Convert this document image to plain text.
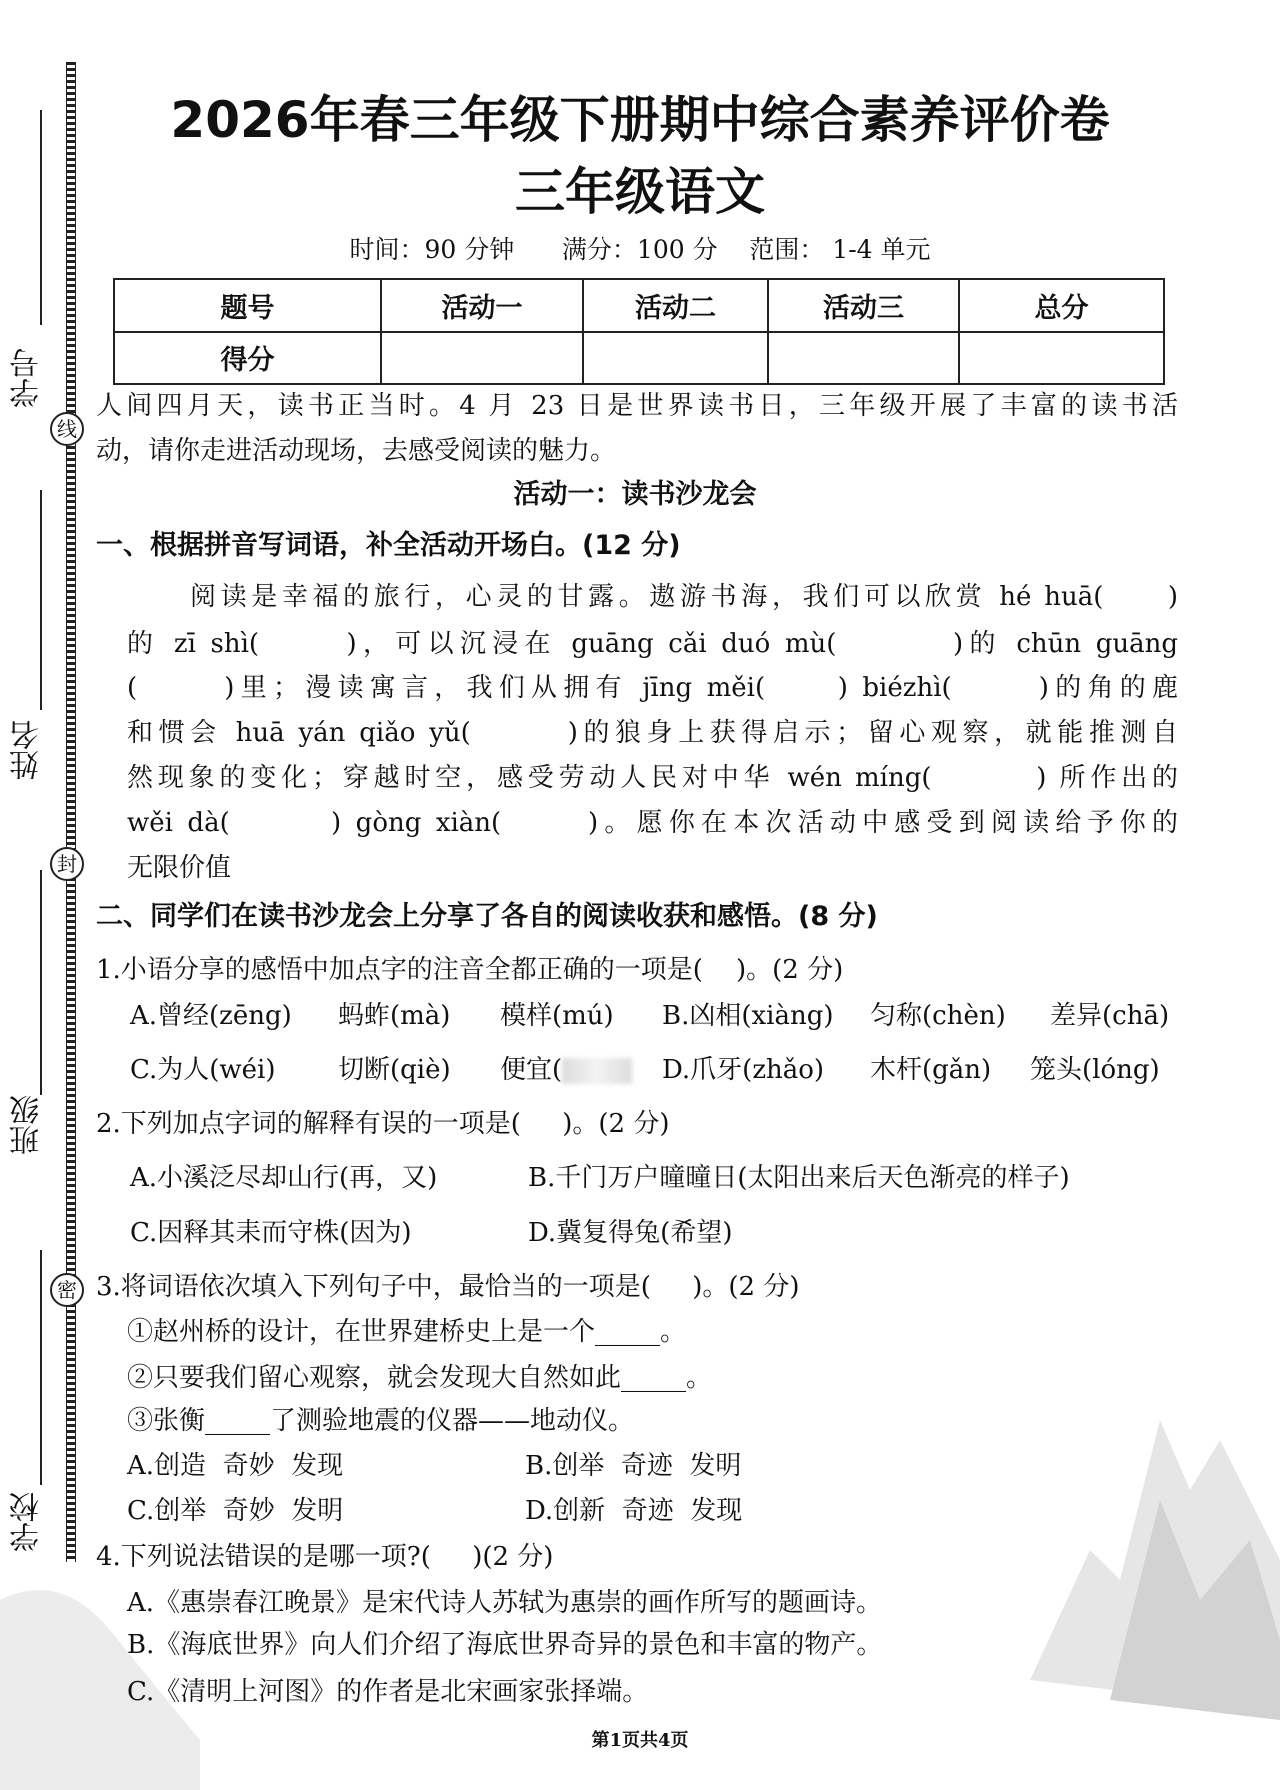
学号
姓名
班级
学校
线
封
密
2026年春三年级下册期中综合素养评价卷
三年级语文
时间：90 分钟      满分：100 分    范围： 1-4 单元
题号	活动一	活动二	活动三	总分
得分				
人间四月天，读书正当时。4 月 23 日是世界读书日，三年级开展了丰富的读书活
动，请你走进活动现场，去感受阅读的魅力。
活动一：读书沙龙会
一、根据拼音写词语，补全活动开场白。(12 分)
阅读是幸福的旅行，心灵的甘露。遨游书海，我们可以欣赏 hé huā(     )
的 zī shì(      )，可以沉浸在 guāng cǎi duó mù(        )的 chūn guāng
(      )里；漫读寓言，我们从拥有 jīng měi(     ) biézhì(      )的角的鹿
和惯会 huā yán qiǎo yǔ(       )的狼身上获得启示；留心观察，就能推测自
然现象的变化；穿越时空，感受劳动人民对中华 wén míng(        ) 所作出的
wěi dà(       ) gòng xiàn(      )。愿你在本次活动中感受到阅读给予你的
无限价值
二、同学们在读书沙龙会上分享了各自的阅读收获和感悟。(8 分)
1.小语分享的感悟中加点字的注音全都正确的一项是(    )。(2 分)
A.曾经(zēng) 蚂蚱(mà) 模样(mú) B.凶相(xiàng) 匀称(chèn) 差异(chā)
C.为人(wéi) 切断(qiè) 便宜(	D.爪牙(zhǎo) 木杆(gǎn) 笼头(lóng)
2.下列加点字词的解释有误的一项是(     )。(2 分)
A.小溪泛尽却山行(再，又)	B.千门万户曈曈日(太阳出来后天色渐亮的样子)
C.因释其耒而守株(因为)	D.冀复得兔(希望)
3.将词语依次填入下列句子中，最恰当的一项是(     )。(2 分)
①赵州桥的设计，在世界建桥史上是一个_____。
②只要我们留心观察，就会发现大自然如此_____。
③张衡_____了测验地震的仪器——地动仪。
A.创造  奇妙  发现	B.创举  奇迹  发明
C.创举  奇妙  发明	D.创新  奇迹  发现
4.下列说法错误的是哪一项?(     )(2 分)
A.《惠崇春江晚景》是宋代诗人苏轼为惠崇的画作所写的题画诗。
B.《海底世界》向人们介绍了海底世界奇异的景色和丰富的物产。
C.《清明上河图》的作者是北宋画家张择端。
第1页共4页
